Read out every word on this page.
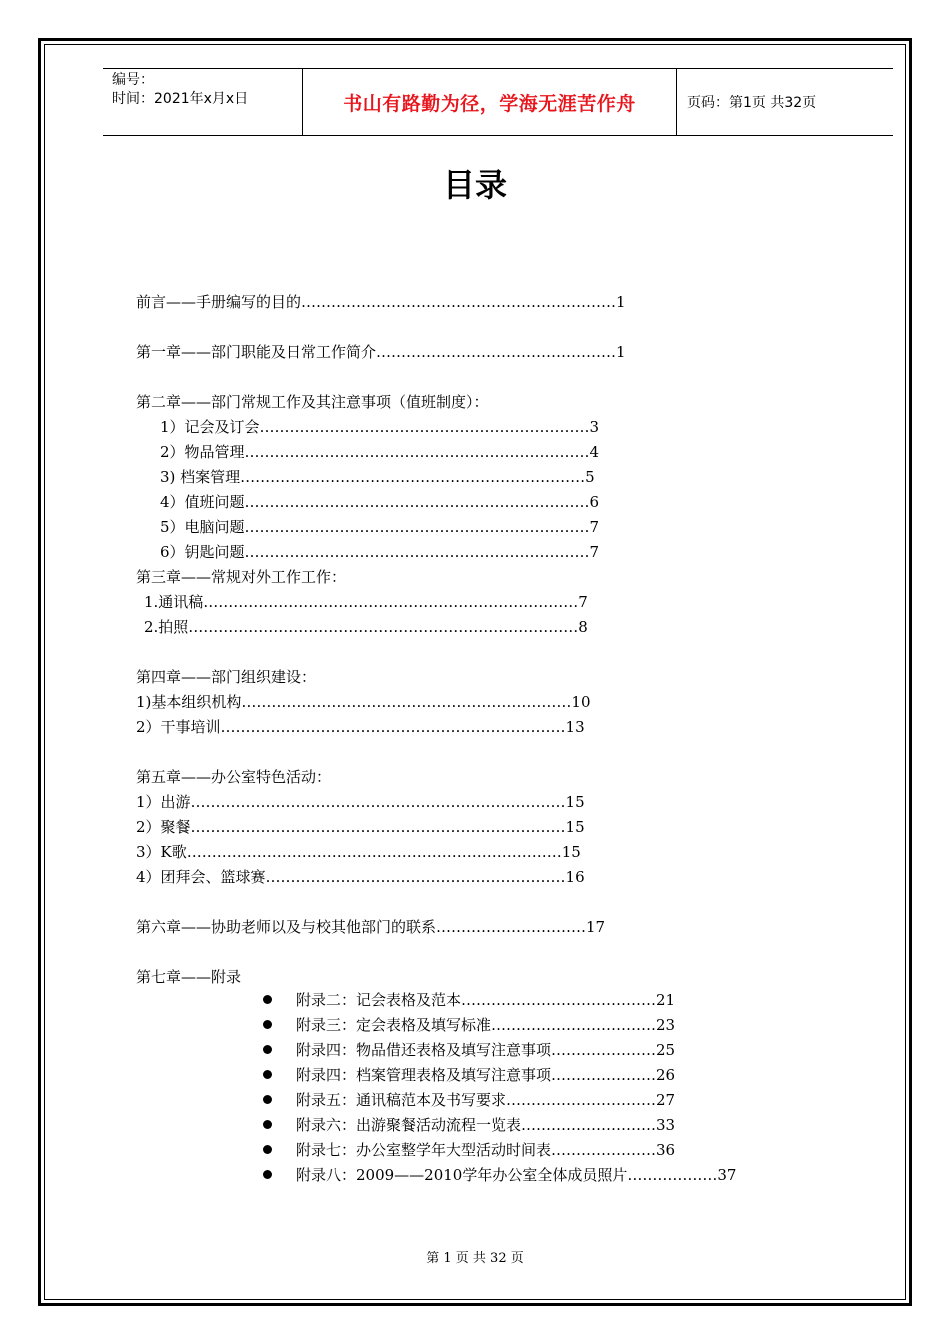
编号：
时间：2021年x月x日	书山有路勤为径，学海无涯苦作舟	页码：第1页 共32页
目录
前言——手册编写的目的………………………………………………………1
第一章——部门职能及日常工作简介…………………………………………1
第二章——部门常规工作及其注意事项（值班制度）：
1）记会及订会…………………………………………………………3
2）物品管理……………………………………………………………4
3) 档案管理……………………………………………………………5
4）值班问题……………………………………………………………6
5）电脑问题……………………………………………………………7
6）钥匙问题……………………………………………………………7
第三章——常规对外工作工作：
1.通讯稿…………………………………………………………………7
2.拍照……………………………………………………………………8
第四章——部门组织建设：
1)基本组织机构…………………………………………………………10
2）干事培训……………………………………………………………13
第五章——办公室特色活动：
1）出游…………………………………………………………………15
2）聚餐…………………………………………………………………15
3）K歌…………………………………………………………………15
4）团拜会、篮球赛……………………………………………………16
第六章——协助老师以及与校其他部门的联系…………………………17
第七章——附录
附录二：记会表格及范本…………………………………21
附录三：定会表格及填写标准……………………………23
附录四：物品借还表格及填写注意事项…………………25
附录四：档案管理表格及填写注意事项…………………26
附录五：通讯稿范本及书写要求…………………………27
附录六：出游聚餐活动流程一览表………………………33
附录七：办公室整学年大型活动时间表…………………36
附录八：2009——2010学年办公室全体成员照片………………37
第 1 页 共 32 页
